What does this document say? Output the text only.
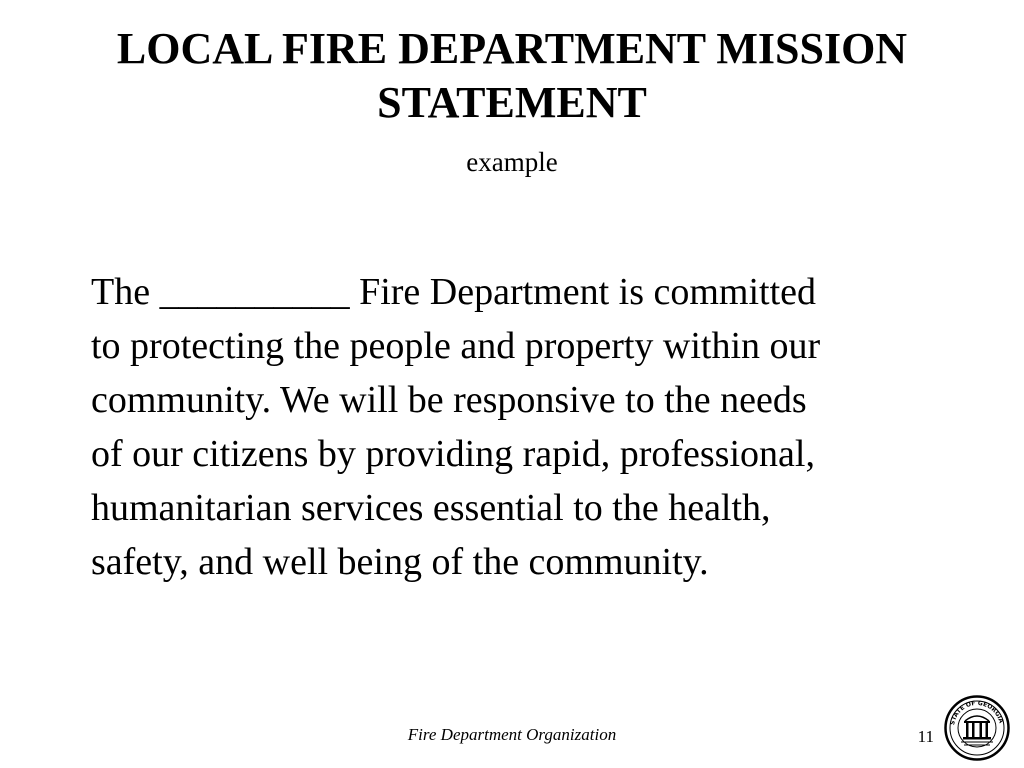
LOCAL FIRE DEPARTMENT MISSION
STATEMENT
example

The __________ Fire Department is committed
to protecting the people and property within our
community. We will be responsive to the needs
of our citizens by providing rapid, professional,
humanitarian services essential to the health,
safety, and well being of the community.

Fire Department Organization	11
STATE OF GEORGIA
